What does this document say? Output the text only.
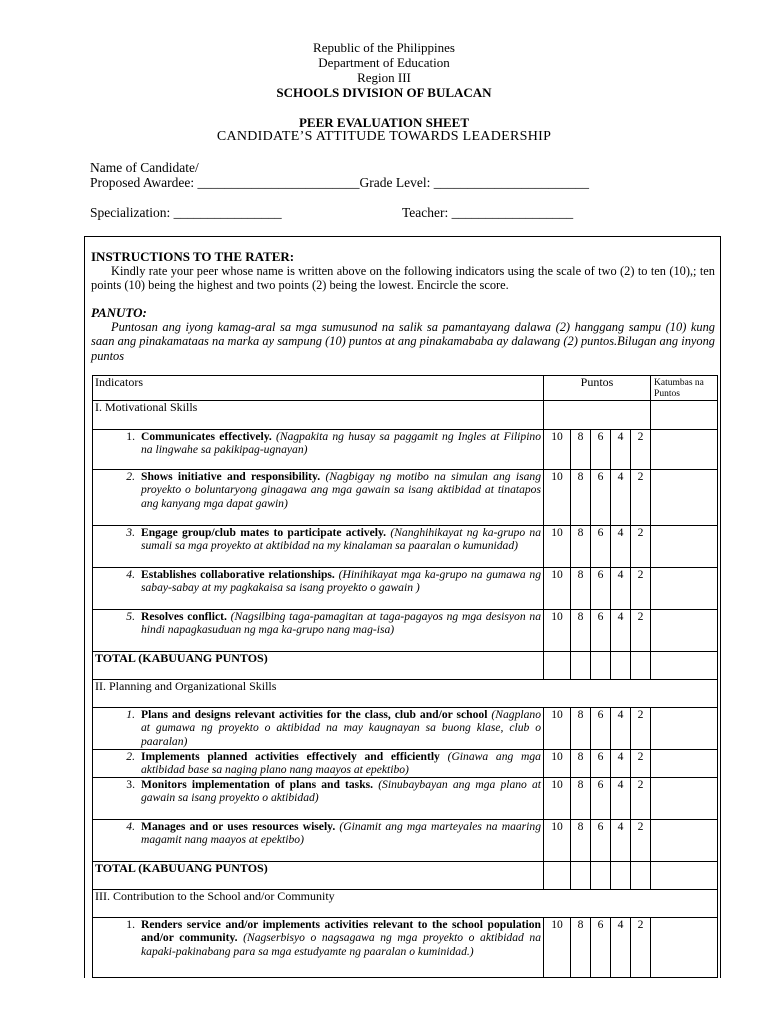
Republic of the Philippines
Department of Education
Region III
SCHOOLS DIVISION OF BULACAN
PEER EVALUATION SHEET
CANDIDATE’S ATTITUDE TOWARDS LEADERSHIP
Name of Candidate/
Proposed Awardee: ________________________Grade Level: _______________________
Specialization: ________________	Teacher: __________________
INSTRUCTIONS TO THE RATER:
Kindly rate your peer whose name is written above on the following indicators using the scale of two (2) to ten (10),; ten points (10) being the highest and two points (2) being the lowest. Encircle the score.
PANUTO:
Puntosan ang iyong kamag-aral sa mga sumusunod na salik sa pamantayang dalawa (2) hanggang sampu (10) kung saan ang pinakamataas na marka ay sampung (10) puntos at ang pinakamababa ay dalawang (2) puntos.Bilugan ang inyong puntos
Indicators	Puntos					Katumbas na Puntos
I. Motivational Skills						

1. Communicates effectively. (Nagpakita ng husay sa paggamit ng Ingles at Filipino na lingwahe sa pakikipag-ugnayan)	10	8	6	4	2	

2. Shows initiative and responsibility. (Nagbigay ng motibo na simulan ang isang proyekto o boluntaryong ginagawa ang mga gawain sa isang aktibidad at tinatapos ang kanyang mga dapat gawin)	10	8	6	4	2	

3. Engage group/club mates to participate actively. (Nanghihikayat ng ka-grupo na sumali sa mga proyekto at aktibidad na my kinalaman sa paaralan o kumunidad)	10	8	6	4	2	

4. Establishes collaborative relationships. (Hinihikayat mga ka-grupo na gumawa ng sabay-sabay at my pagkakaisa sa isang proyekto o gawain )	10	8	6	4	2	

5. Resolves conflict. (Nagsilbing taga-pamagitan at taga-pagayos ng mga desisyon na hindi napagkasuduan ng mga ka-grupo nang mag-isa)	10	8	6	4	2	
TOTAL (KABUUANG PUNTOS)						
II. Planning and Organizational Skills						

1. Plans and designs relevant activities for the class, club and/or school (Nagplano at gumawa ng proyekto o aktibidad na may kaugnayan sa buong klase, club o paaralan)	10	8	6	4	2	

2. Implements planned activities effectively and efficiently (Ginawa ang mga aktibidad base sa naging plano nang maayos at epektibo)	10	8	6	4	2	

3. Monitors implementation of plans and tasks. (Sinubaybayan ang mga plano at gawain sa isang proyekto o aktibidad)	10	8	6	4	2	

4. Manages and or uses resources wisely. (Ginamit ang mga marteyales na maaring magamit nang maayos at epektibo)	10	8	6	4	2	
TOTAL (KABUUANG PUNTOS)						
III. Contribution to the School and/or Community						

1. Renders service and/or implements activities relevant to the school population and/or community. (Nagserbisyo o nagsagawa ng mga proyekto o aktibidad na kapaki-pakinabang para sa mga estudyamte ng paaralan o kuminidad.)	10	8	6	4	2	
